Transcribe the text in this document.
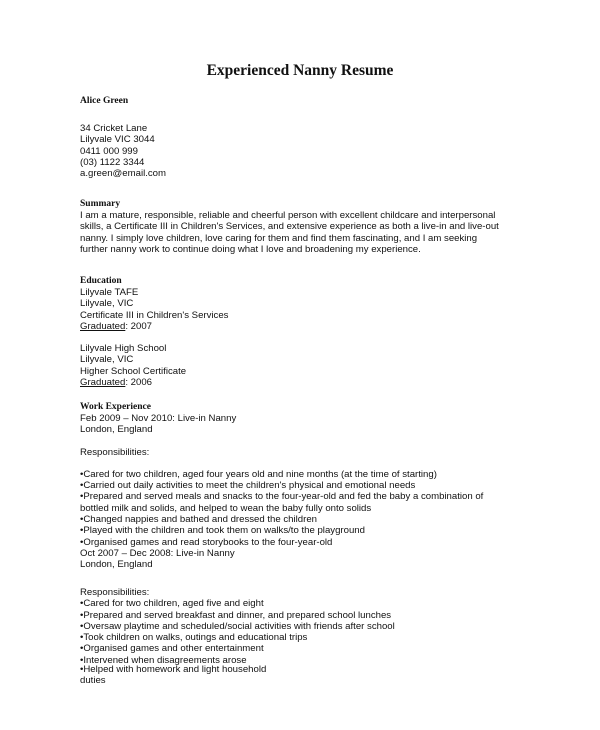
Experienced Nanny Resume
Alice Green
34 Cricket Lane
Lilyvale VIC 3044
0411 000 999
(03) 1122 3344
a.green@email.com
Summary
I am a mature, responsible, reliable and cheerful person with excellent childcare and interpersonal
skills, a Certificate III in Children's Services, and extensive experience as both a live-in and live-out
nanny. I simply love children, love caring for them and find them fascinating, and I am seeking
further nanny work to continue doing what I love and broadening my experience.
Education
Lilyvale TAFE
Lilyvale, VIC
Certificate III in Children's Services
Graduated: 2007
Lilyvale High School
Lilyvale, VIC
Higher School Certificate
Graduated: 2006
Work Experience
Feb 2009 – Nov 2010: Live-in Nanny
London, England
Responsibilities:
•Cared for two children, aged four years old and nine months (at the time of starting)
•Carried out daily activities to meet the children's physical and emotional needs
•Prepared and served meals and snacks to the four-year-old and fed the baby a combination of
bottled milk and solids, and helped to wean the baby fully onto solids
•Changed nappies and bathed and dressed the children
•Played with the children and took them on walks/to the playground
•Organised games and read storybooks to the four-year-old
Oct 2007 – Dec 2008: Live-in Nanny
London, England
Responsibilities:
•Cared for two children, aged five and eight
•Prepared and served breakfast and dinner, and prepared school lunches
•Oversaw playtime and scheduled/social activities with friends after school
•Took children on walks, outings and educational trips
•Organised games and other entertainment
•Intervened when disagreements arose
•Helped with homework and light household duties
